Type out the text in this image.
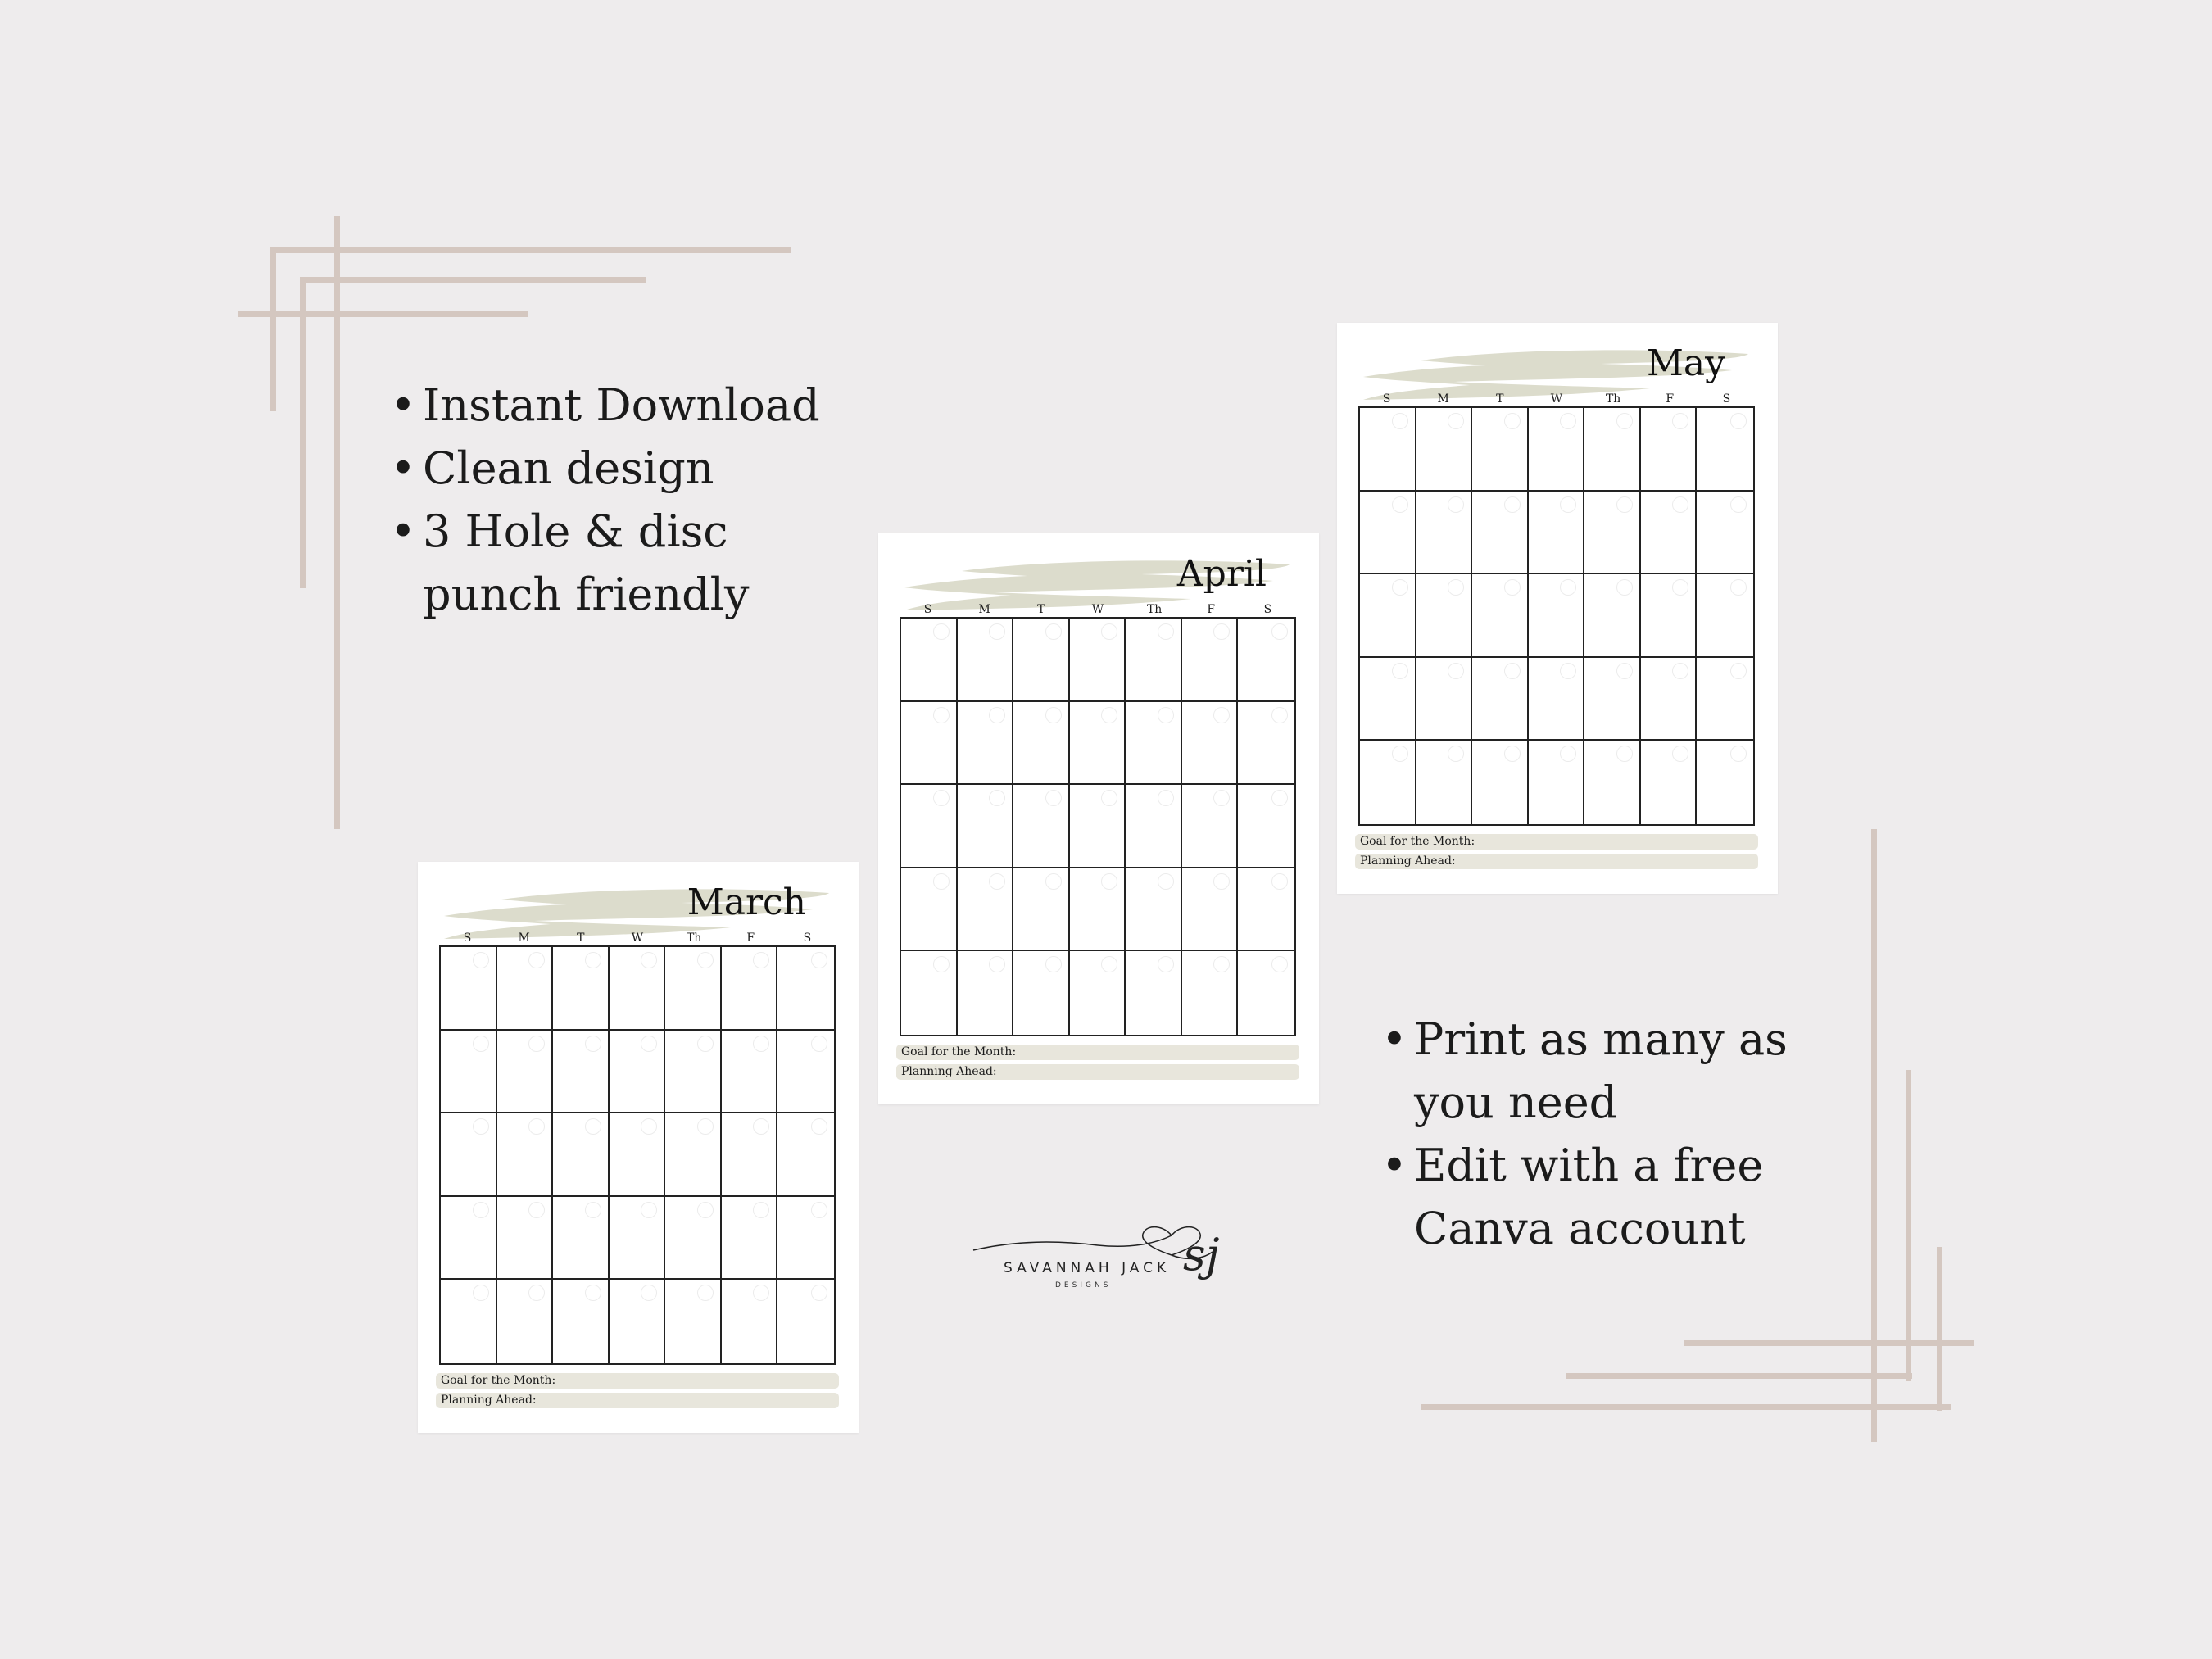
• Instant Download
• Clean design
• 3 Hole & disc punch friendly
• Print as many as you need
• Edit with a free Canva account
May
S	M	T	W	Th	F	S
Goal for the Month:
Planning Ahead:
April
S	M	T	W	Th	F	S
Goal for the Month:
Planning Ahead:
March
S	M	T	W	Th	F	S
Goal for the Month:
Planning Ahead:
SAVANNAH JACK
DESIGNS
sj
